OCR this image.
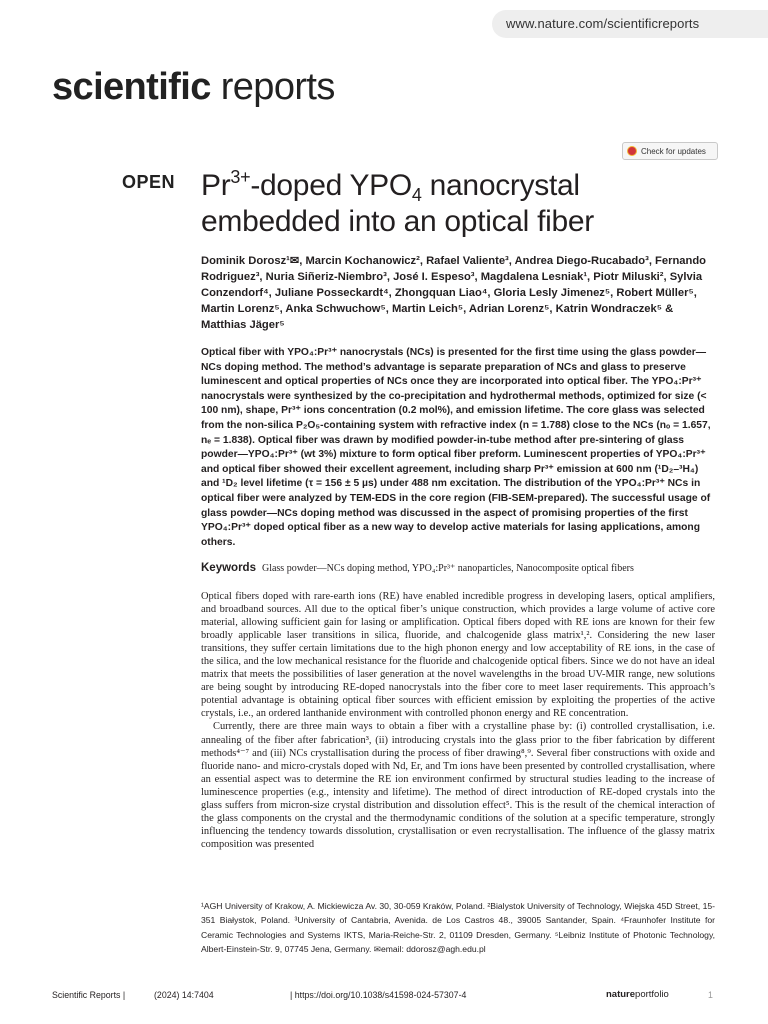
www.nature.com/scientificreports
scientific reports
Check for updates
OPEN $Pr^{3+}$-doped $YPO_4$ nanocrystal
embedded into an optical fiber
Dominik Dorosz¹✉, Marcin Kochanowicz², Rafael Valiente³, Andrea Diego‑Rucabado³, Fernando Rodriguez³, Nuria Siñeriz‑Niembro³, José I. Espeso³, Magdalena Lesniak¹, Piotr Miluski², Sylvia Conzendorf⁴, Juliane Posseckardt⁴, Zhongquan Liao⁴, Gloria Lesly Jimenez⁵, Robert Müller⁵, Martin Lorenz⁵, Anka Schwuchow⁵, Martin Leich⁵, Adrian Lorenz⁵, Katrin Wondraczek⁵ & Matthias Jäger⁵
Optical fiber with YPO₄:Pr³⁺ nanocrystals (NCs) is presented for the first time using the glass powder—NCs doping method. The method’s advantage is separate preparation of NCs and glass to preserve luminescent and optical properties of NCs once they are incorporated into optical fiber. The YPO₄:Pr³⁺ nanocrystals were synthesized by the co-precipitation and hydrothermal methods, optimized for size (< 100 nm), shape, Pr³⁺ ions concentration (0.2 mol%), and emission lifetime. The core glass was selected from the non-silica P₂O₅-containing system with refractive index (n = 1.788) close to the NCs (nₒ = 1.657, nₑ = 1.838). Optical fiber was drawn by modified powder-in-tube method after pre-sintering of glass powder—YPO₄:Pr³⁺ (wt 3%) mixture to form optical fiber preform. Luminescent properties of YPO₄:Pr³⁺ and optical fiber showed their excellent agreement, including sharp Pr³⁺ emission at 600 nm (¹D₂–³H₄) and ¹D₂ level lifetime (τ = 156 ± 5 µs) under 488 nm excitation. The distribution of the YPO₄:Pr³⁺ NCs in optical fiber were analyzed by TEM-EDS in the core region (FIB-SEM-prepared). The successful usage of glass powder—NCs doping method was discussed in the aspect of promising properties of the first YPO₄:Pr³⁺ doped optical fiber as a new way to develop active materials for lasing applications, among others.
Keywords Glass powder—NCs doping method, YPO₄:Pr³⁺ nanoparticles, Nanocomposite optical fibers

Optical fibers doped with rare-earth ions (RE) have enabled incredible progress in developing lasers, optical amplifiers, and broadband sources. All due to the optical fiber’s unique construction, which provides a large volume of active core material, allowing sufficient gain for lasing or amplification. Optical fibers doped with RE ions are known for their few broadly applicable laser transitions in silica, fluoride, and chalcogenide glass matrix¹,². Considering the new laser transitions, they suffer certain limitations due to the high phonon energy and low acceptability of RE ions, in the case of the silica, and the low mechanical resistance for the fluoride and chalcogenide optical fibers. Since we do not have an ideal matrix that meets the possibilities of laser generation at the novel wavelengths in the broad UV-MIR range, new solutions are being sought by introducing RE-doped nanocrystals into the fiber core to meet laser requirements. This approach’s potential advantage is obtaining optical fiber sources with efficient emission by exploiting the properties of the active crystals, i.e., an ordered lanthanide environment with controlled phonon energy and RE concentration.

Currently, there are three main ways to obtain a fiber with a crystalline phase by: (i) controlled crystallisation, i.e. annealing of the fiber after fabrication³, (ii) introducing crystals into the glass prior to the fiber fabrication by different methods⁴⁻⁷ and (iii) NCs crystallisation during the process of fiber drawing⁸,⁹. Several fiber constructions with oxide and fluoride nano- and micro-crystals doped with Nd, Er, and Tm ions have been presented by controlled crystallisation, where an essential aspect was to determine the RE ion environment confirmed by structural studies leading to the increase of luminescence properties (e.g., intensity and lifetime). The method of direct introduction of RE-doped crystals into the glass suffers from micron-size crystal distribution and dissolution effect⁵. This is the result of the chemical interaction of the glass components on the crystal and the thermodynamic conditions of the solution at a specific temperature, strongly influencing the tendency towards dissolution, crystallisation or even recrystallisation. The influence of the glassy matrix composition was presented

¹AGH University of Krakow, A. Mickiewicza Av. 30, 30-059 Kraków, Poland. ²Bialystok University of Technology, Wiejska 45D Street, 15-351 Białystok, Poland. ³University of Cantabria, Avenida. de Los Castros 48., 39005 Santander, Spain. ⁴Fraunhofer Institute for Ceramic Technologies and Systems IKTS, Maria-Reiche-Str. 2, 01109 Dresden, Germany. ⁵Leibniz Institute of Photonic Technology, Albert-Einstein-Str. 9, 07745 Jena, Germany. ✉email: ddorosz@agh.edu.pl
Scientific Reports |	(2024) 14:7404	| https://doi.org/10.1038/s41598-024-57307-4	natureportfolio	1
